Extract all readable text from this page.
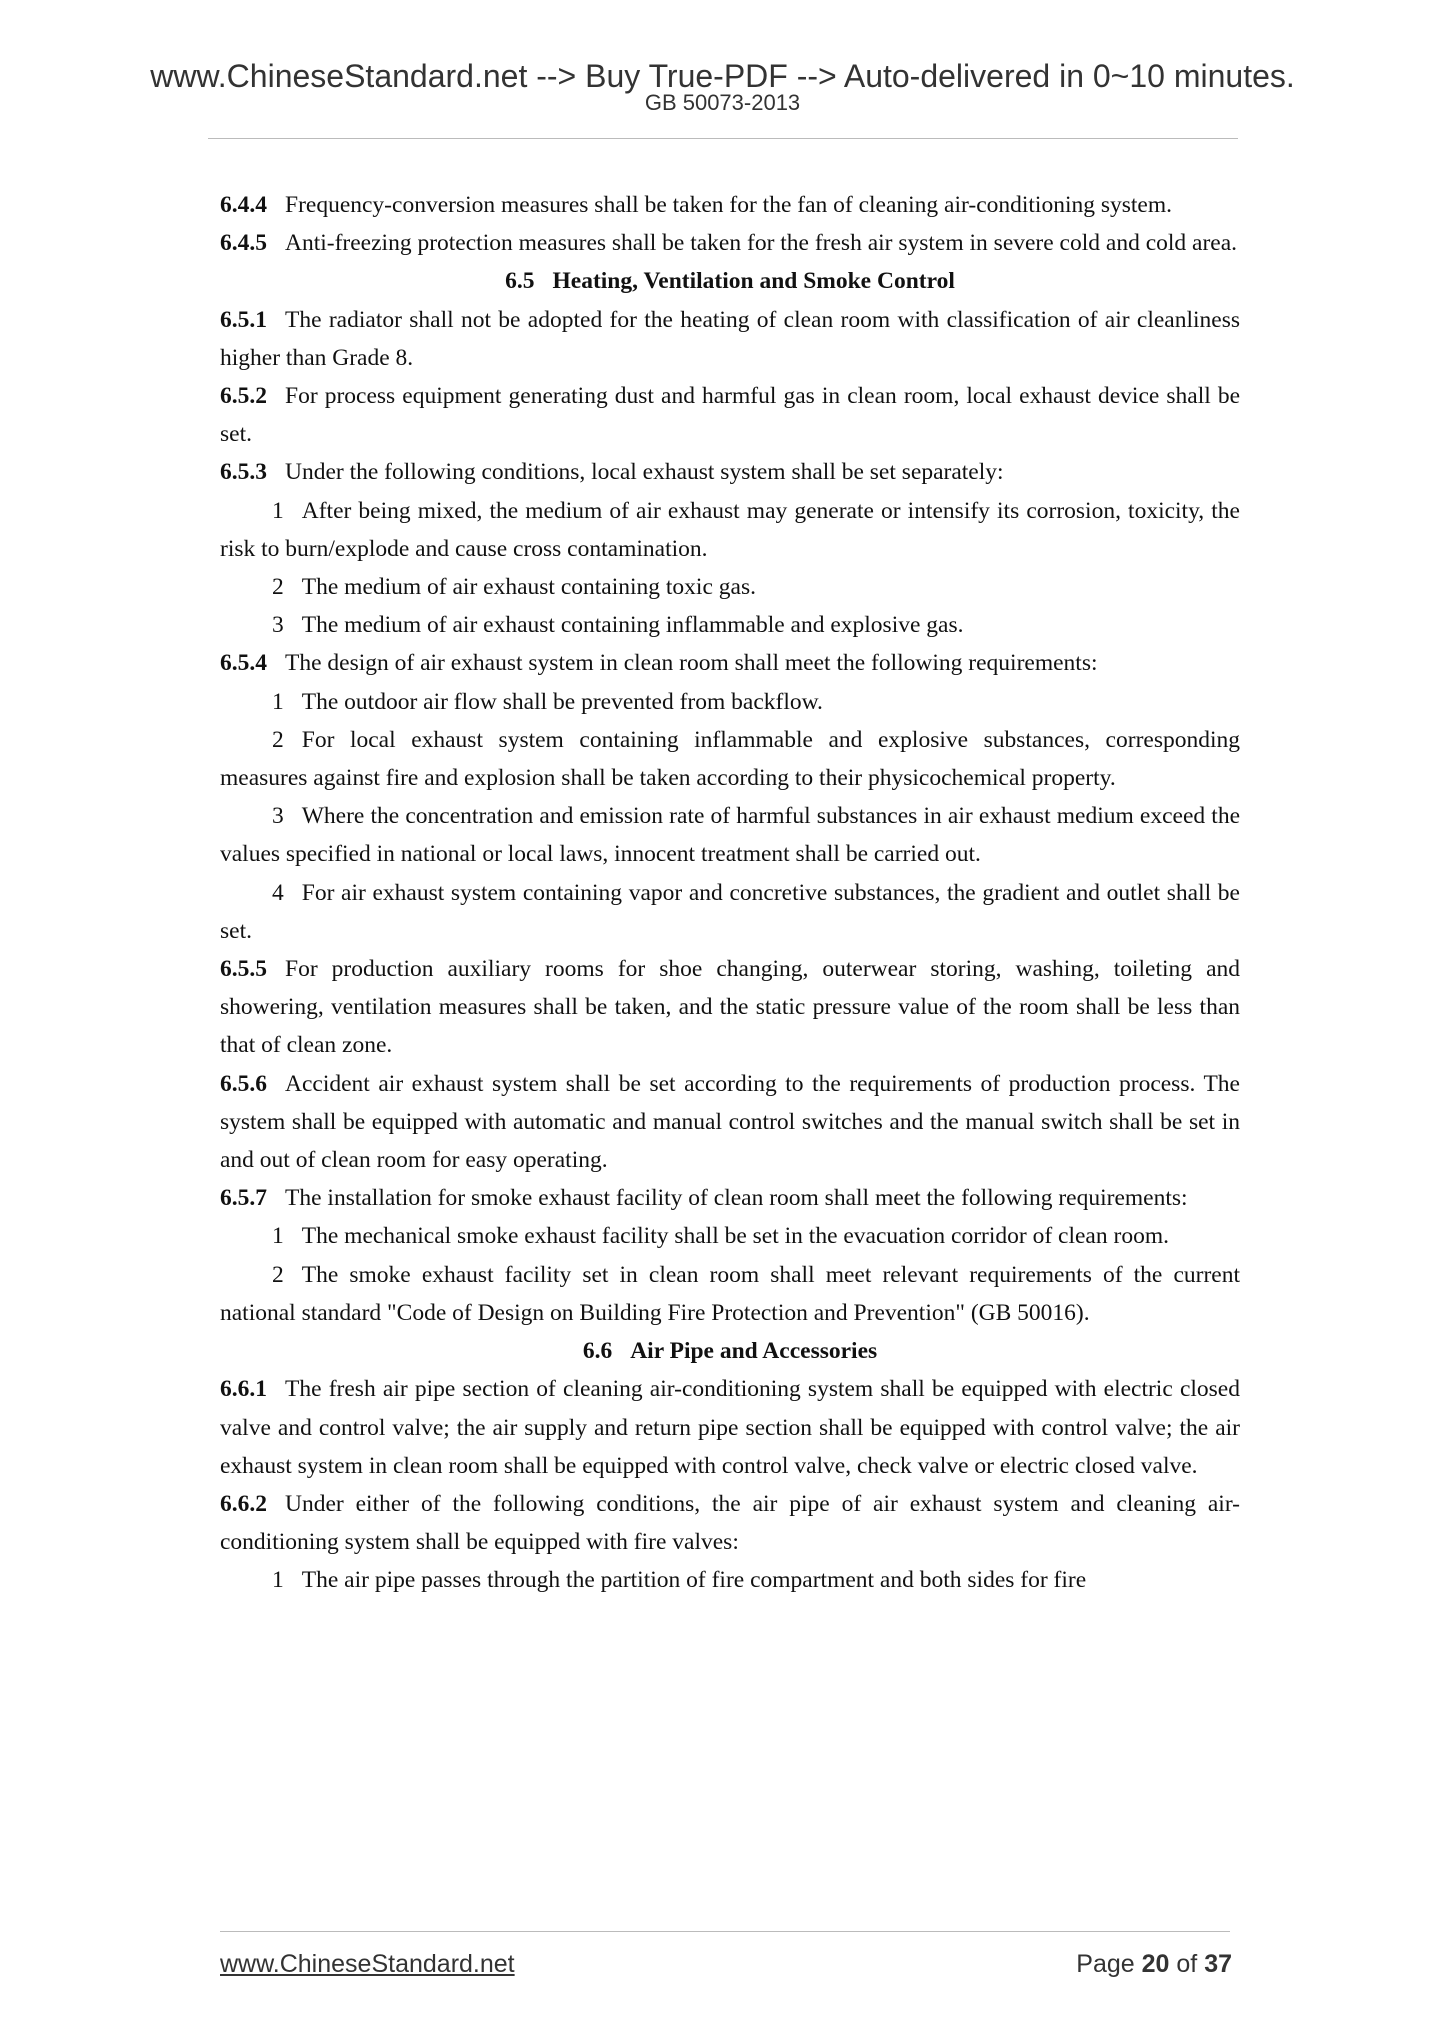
www.ChineseStandard.net --> Buy True-PDF --> Auto-delivered in 0~10 minutes.
GB 50073-2013

6.4.4 Frequency-conversion measures shall be taken for the fan of cleaning air-conditioning system.

6.4.5 Anti-freezing protection measures shall be taken for the fresh air system in severe cold and cold area.

6.5 Heating, Ventilation and Smoke Control

6.5.1 The radiator shall not be adopted for the heating of clean room with classification of air cleanliness higher than Grade 8.

6.5.2 For process equipment generating dust and harmful gas in clean room, local exhaust device shall be set.

6.5.3 Under the following conditions, local exhaust system shall be set separately:

1 After being mixed, the medium of air exhaust may generate or intensify its corrosion, toxicity, the risk to burn/explode and cause cross contamination.

2 The medium of air exhaust containing toxic gas.

3 The medium of air exhaust containing inflammable and explosive gas.

6.5.4 The design of air exhaust system in clean room shall meet the following requirements:

1 The outdoor air flow shall be prevented from backflow.

2 For local exhaust system containing inflammable and explosive substances, corresponding measures against fire and explosion shall be taken according to their physicochemical property.

3 Where the concentration and emission rate of harmful substances in air exhaust medium exceed the values specified in national or local laws, innocent treatment shall be carried out.

4 For air exhaust system containing vapor and concretive substances, the gradient and outlet shall be set.

6.5.5 For production auxiliary rooms for shoe changing, outerwear storing, washing, toileting and showering, ventilation measures shall be taken, and the static pressure value of the room shall be less than that of clean zone.

6.5.6 Accident air exhaust system shall be set according to the requirements of production process. The system shall be equipped with automatic and manual control switches and the manual switch shall be set in and out of clean room for easy operating.

6.5.7 The installation for smoke exhaust facility of clean room shall meet the following requirements:

1 The mechanical smoke exhaust facility shall be set in the evacuation corridor of clean room.

2 The smoke exhaust facility set in clean room shall meet relevant requirements of the current national standard "Code of Design on Building Fire Protection and Prevention" (GB 50016).

6.6 Air Pipe and Accessories

6.6.1 The fresh air pipe section of cleaning air-conditioning system shall be equipped with electric closed valve and control valve; the air supply and return pipe section shall be equipped with control valve; the air exhaust system in clean room shall be equipped with control valve, check valve or electric closed valve.

6.6.2 Under either of the following conditions, the air pipe of air exhaust system and cleaning air-conditioning system shall be equipped with fire valves:

1 The air pipe passes through the partition of fire compartment and both sides for fire

www.ChineseStandard.net	Page 20 of 37
